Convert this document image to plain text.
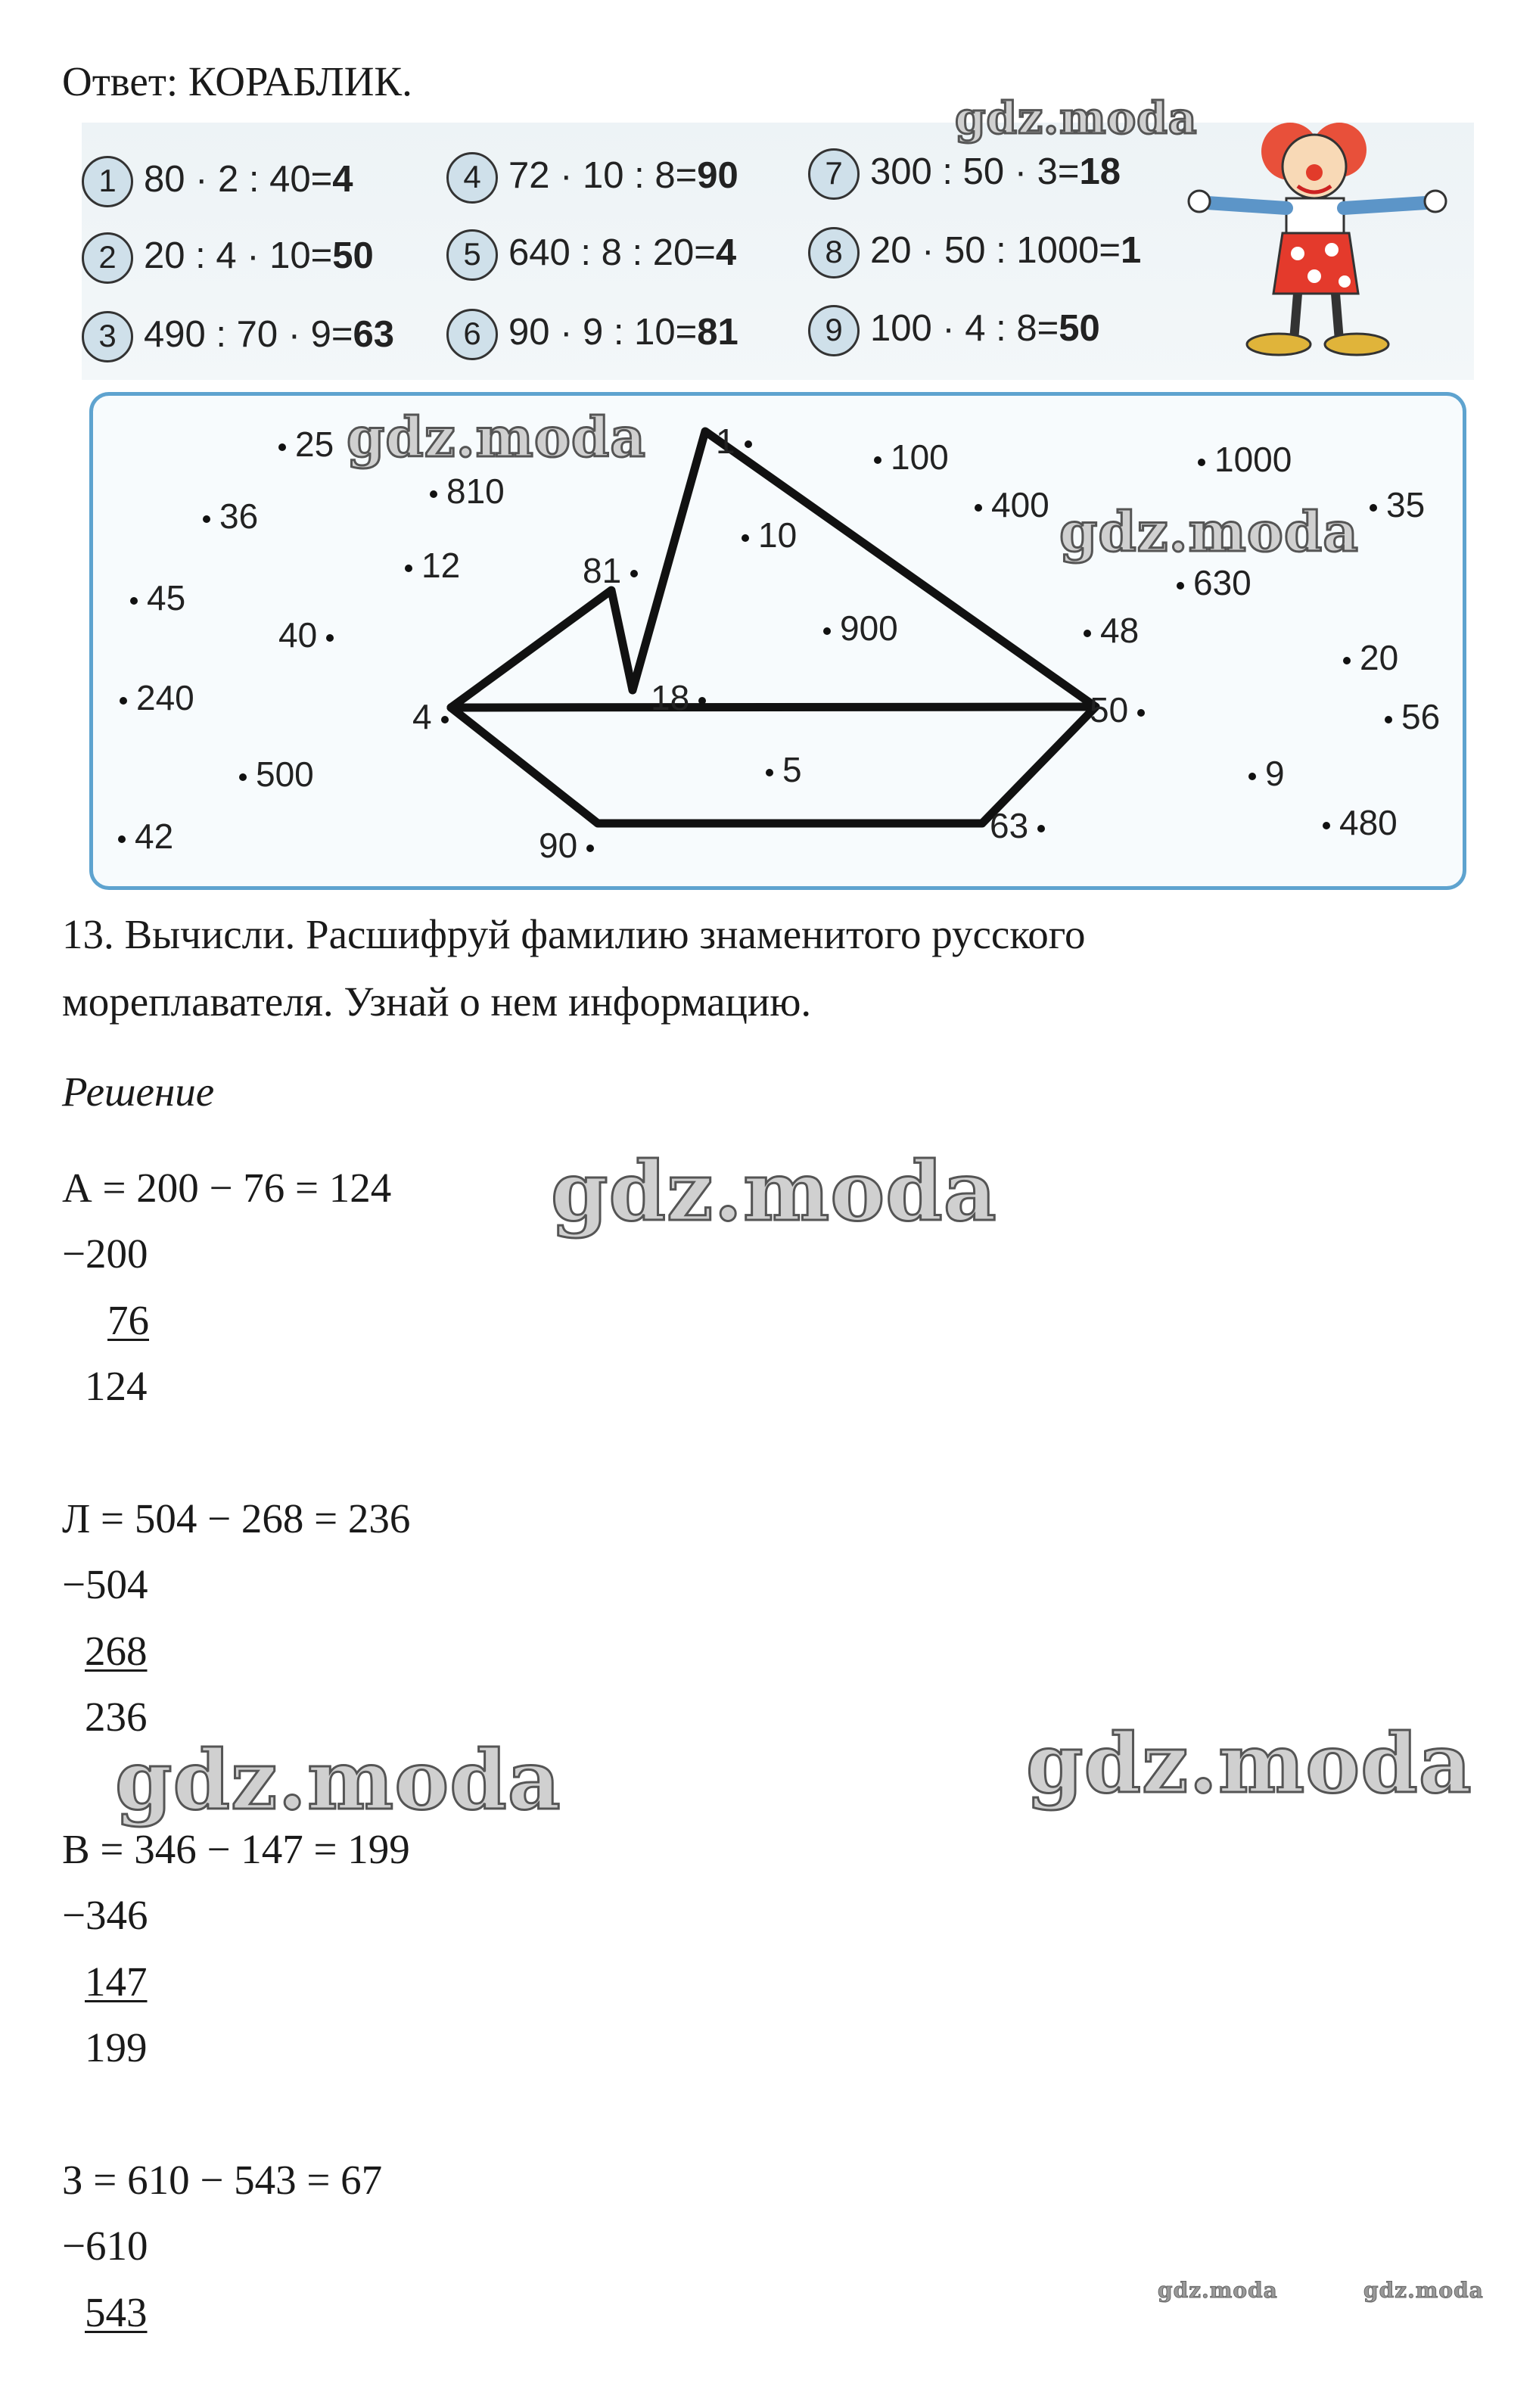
Ответ: КОРАБЛИК.
1 80 · 2 : 40=4
2 20 : 4 · 10=50
3 490 : 70 · 9=63
4 72 · 10 : 8=90
5 640 : 8 : 20=4
6 90 · 9 : 10=81
7 300 : 50 · 3=18
8 20 · 50 : 1000=1
9 100 · 4 : 8=50
25
810
36
12
45
40
240
500
42
1
81
10
900
18
4
5
90	63
100
400
1000
35
630
48
20
50	56
9
480
13. Вычисли. Расшифруй фамилию знаменитого русского
мореплавателя. Узнай о нем информацию.
Решение
А = 200 − 76 = 124
−200
76
124
Л = 504 − 268 = 236
−504
268
236
В = 346 − 147 = 199
−346
147
199
З = 610 − 543 = 67
−610
543
gdz.moda
gdz.moda
gdz.moda
gdz.moda
gdz.moda
gdz.moda
gdz.moda	gdz.moda
